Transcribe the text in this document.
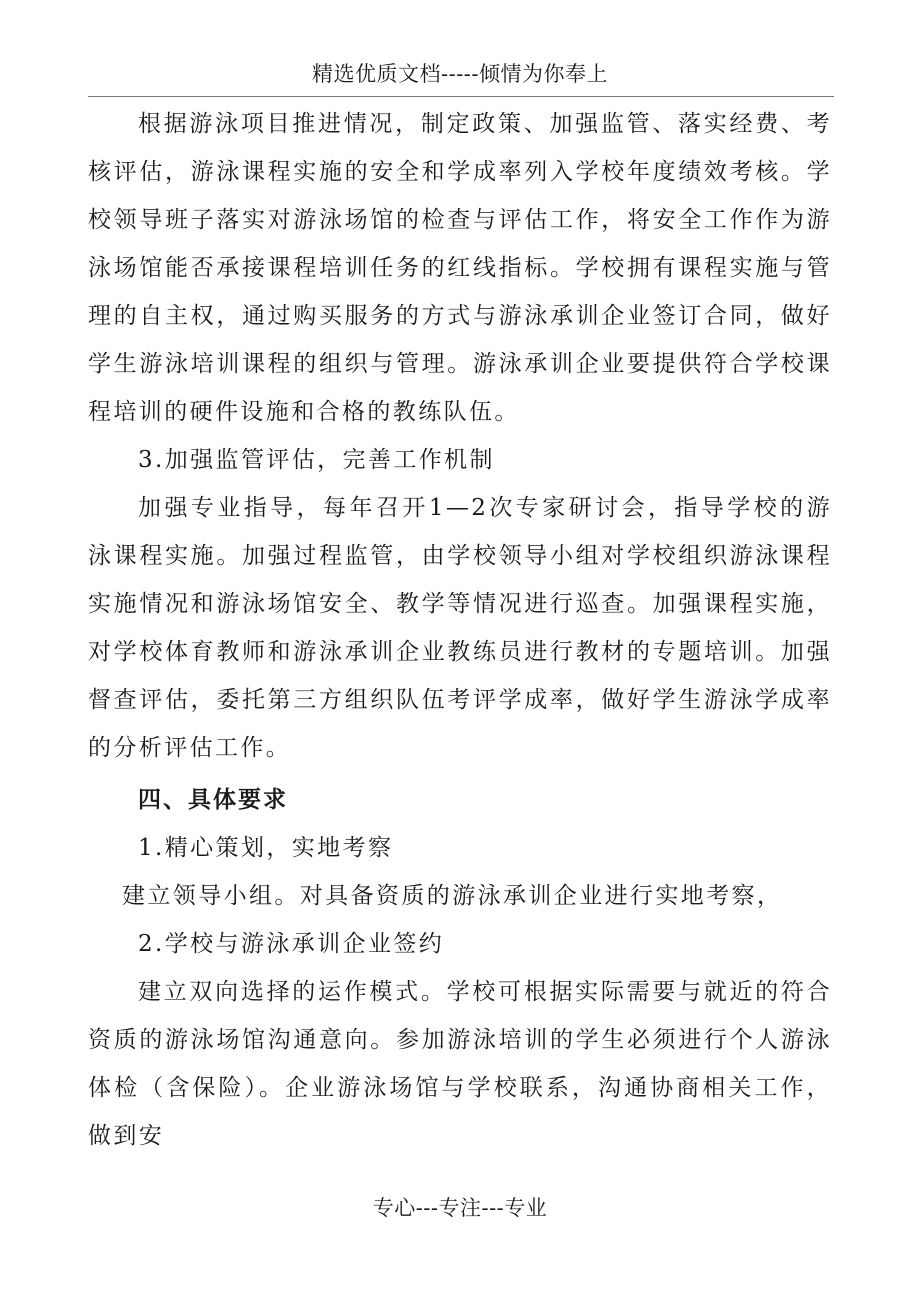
精选优质文档-----倾情为你奉上

根据游泳项目推进情况，制定政策、加强监管、落实经费、考核评估，游泳课程实施的安全和学成率列入学校年度绩效考核。学校领导班子落实对游泳场馆的检查与评估工作，将安全工作作为游泳场馆能否承接课程培训任务的红线指标。学校拥有课程实施与管理的自主权，通过购买服务的方式与游泳承训企业签订合同，做好学生游泳培训课程的组织与管理。游泳承训企业要提供符合学校课程培训的硬件设施和合格的教练队伍。

3.加强监管评估，完善工作机制

加强专业指导，每年召开1—2次专家研讨会，指导学校的游泳课程实施。加强过程监管，由学校领导小组对学校组织游泳课程实施情况和游泳场馆安全、教学等情况进行巡查。加强课程实施，对学校体育教师和游泳承训企业教练员进行教材的专题培训。加强督查评估，委托第三方组织队伍考评学成率，做好学生游泳学成率的分析评估工作。

四、具体要求

1.精心策划，实地考察

建立领导小组。对具备资质的游泳承训企业进行实地考察，

2.学校与游泳承训企业签约

建立双向选择的运作模式。学校可根据实际需要与就近的符合资质的游泳场馆沟通意向。参加游泳培训的学生必须进行个人游泳体检（含保险）。企业游泳场馆与学校联系，沟通协商相关工作，做到安

专心---专注---专业
